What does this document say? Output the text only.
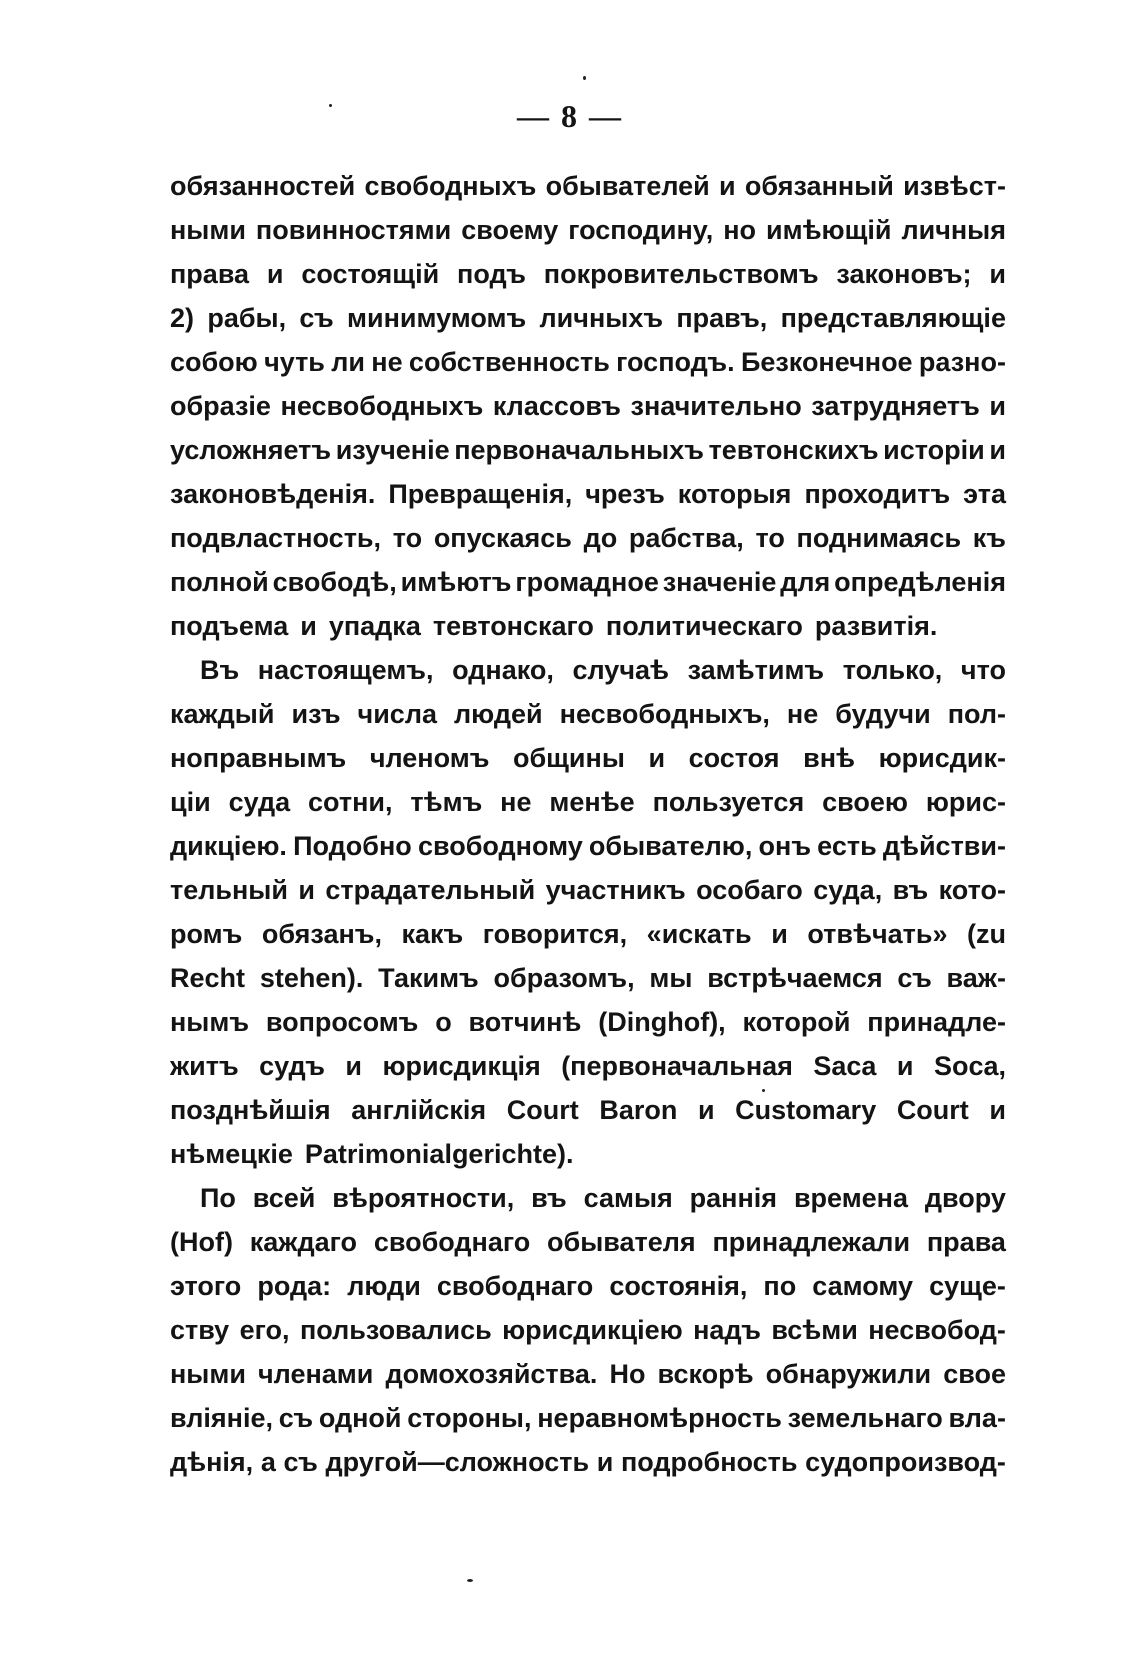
— 8 —
обязанностей свободныхъ обывателей и обязанный извѣст-
ными повинностями своему господину, но имѣющій личныя
права и состоящій подъ покровительствомъ законовъ; и
2) рабы, съ минимумомъ личныхъ правъ, представляющіе
собою чуть ли не собственность господъ. Безконечное разно-
образіе несвободныхъ классовъ значительно затрудняетъ и
усложняетъ изученіе первоначальныхъ тевтонскихъ исторіи и
законовѣденія. Превращенія, чрезъ которыя проходитъ эта
подвластность, то опускаясь до рабства, то поднимаясь къ
полной свободѣ, имѣютъ громадное значеніе для опредѣленія
подъема и упадка тевтонскаго политическаго развитія.
Въ настоящемъ, однако, случаѣ замѣтимъ только, что
каждый изъ числа людей несвободныхъ, не будучи пол-
ноправнымъ членомъ общины и состоя внѣ юрисдик-
ціи суда сотни, тѣмъ не менѣе пользуется своею юрис-
дикціею. Подобно свободному обывателю, онъ есть дѣйстви-
тельный и страдательный участникъ особаго суда, въ кото-
ромъ обязанъ, какъ говорится, «искать и отвѣчать» (zu
Recht stehen). Такимъ образомъ, мы встрѣчаемся съ важ-
нымъ вопросомъ о вотчинѣ (Dinghof), которой принадле-
житъ судъ и юрисдикція (первоначальная Saca и Soca,
позднѣйшія англійскія Court Baron и Customary Court и
нѣмецкіе Patrimonialgerichte).
По всей вѣроятности, въ самыя раннія времена двору
(Hof) каждаго свободнаго обывателя принадлежали права
этого рода: люди свободнаго состоянія, по самому суще-
ству его, пользовались юрисдикціею надъ всѣми несвобод-
ными членами домохозяйства. Но вскорѣ обнаружили свое
вліяніе, съ одной стороны, неравномѣрность земельнаго вла-
дѣнія, а съ другой—сложность и подробность судопроизвод-
